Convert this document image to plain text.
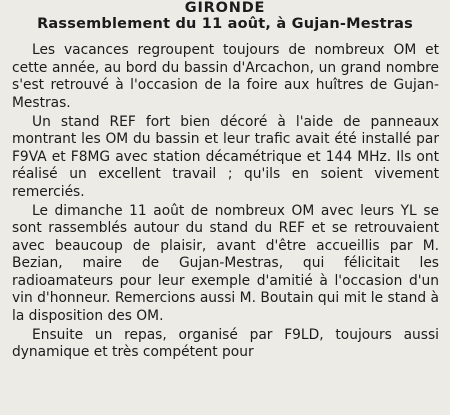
GIRONDE
Rassemblement du 11 août, à Gujan-Mestras

Les vacances regroupent toujours de nombreux OM et cette année, au bord du bassin d'Arcachon, un grand nombre s'est retrouvé à l'occasion de la foire aux huîtres de Gujan-Mestras.

Un stand REF fort bien décoré à l'aide de panneaux montrant les OM du bassin et leur trafic avait été installé par F9VA et F8MG avec station décamétrique et 144 MHz. Ils ont réalisé un excellent travail ; qu'ils en soient vivement remerciés.

Le dimanche 11 août de nombreux OM avec leurs YL se sont rassemblés autour du stand du REF et se retrouvaient avec beaucoup de plaisir, avant d'être accueillis par M. Bezian, maire de Gujan-Mestras, qui félicitait les radioamateurs pour leur exemple d'amitié à l'occasion d'un vin d'honneur. Remercions aussi M. Boutain qui mit le stand à la disposition des OM.

Ensuite un repas, organisé par F9LD, toujours aussi dynamique et très compétent pour
